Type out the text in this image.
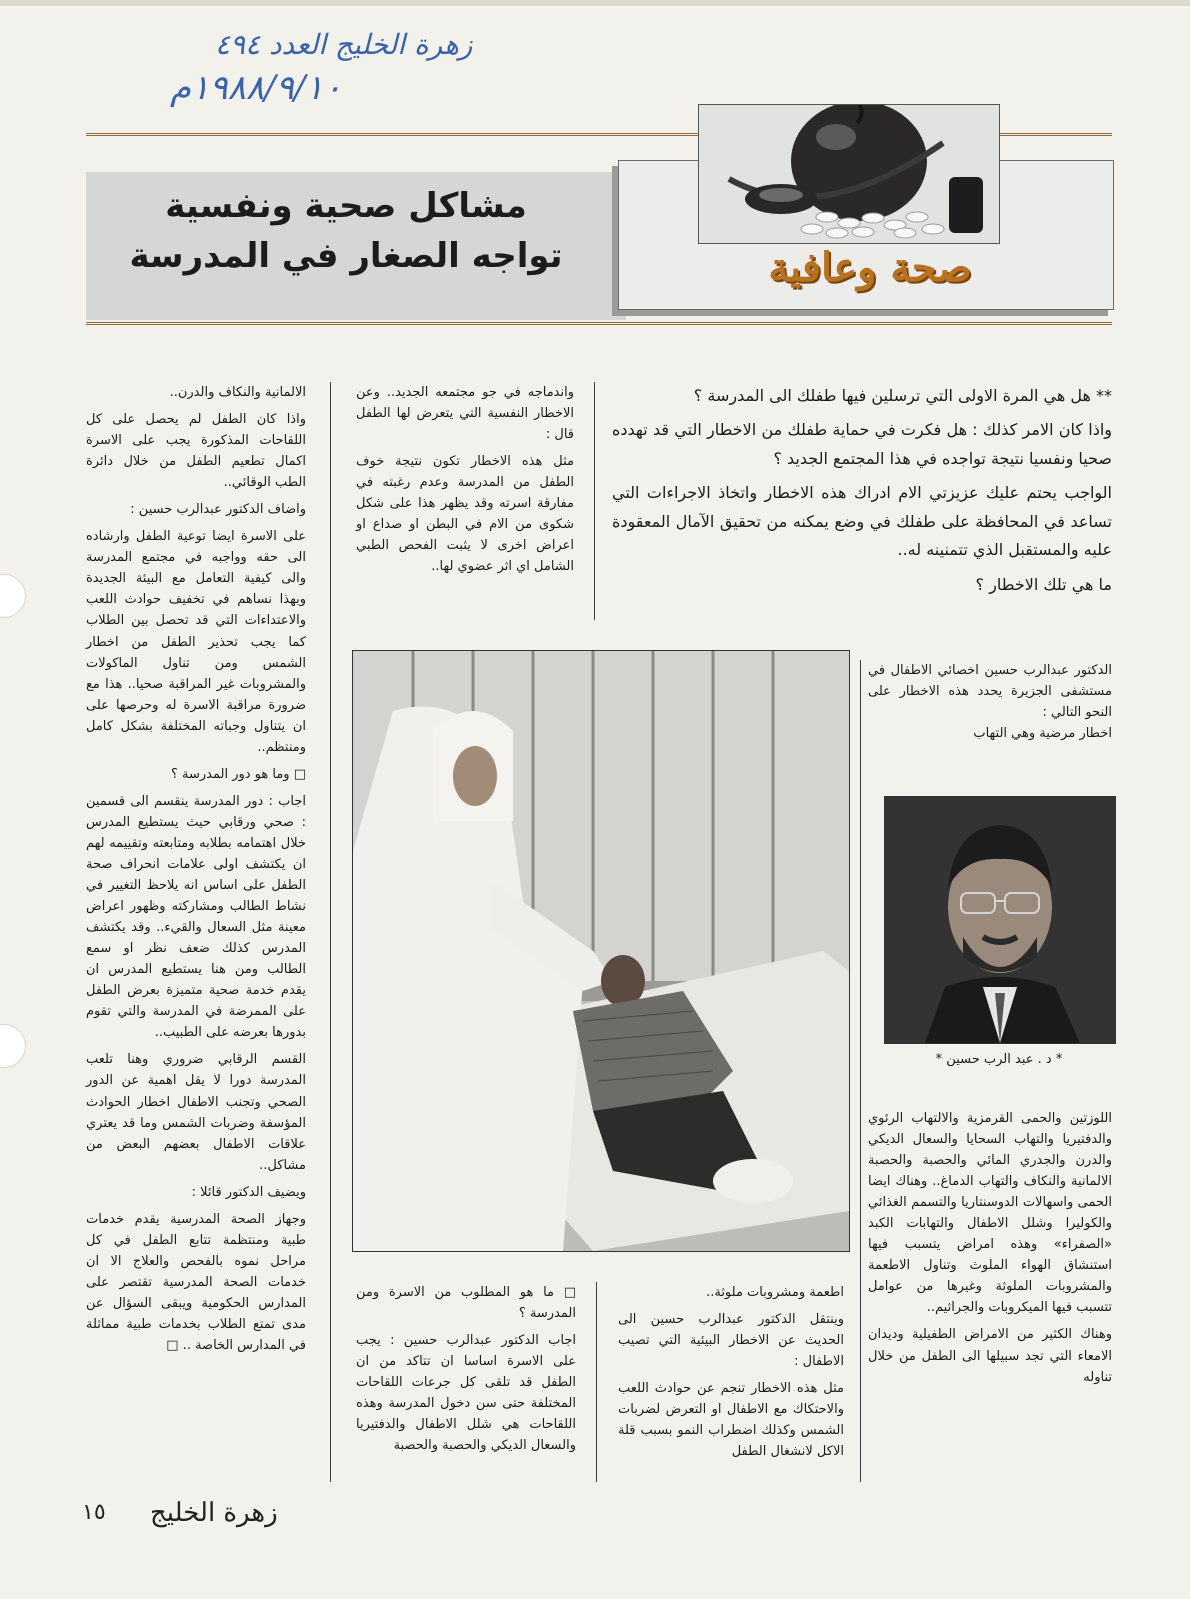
زهرة الخليج العدد ٤٩٤
١٩٨٨/٩/١٠م
مشاكل صحية ونفسية
تواجه الصغار في المدرسة	صحة وعافية

** هل هي المرة الاولى التي ترسلين فيها طفلك الى المدرسة ؟

واذا كان الامر كذلك : هل فكرت في حماية طفلك من الاخطار التي قد تهدده صحيا ونفسيا نتيجة تواجده في هذا المجتمع الجديد ؟

الواجب يحتم عليك عزيزتي الام ادراك هذه الاخطار واتخاذ الاجراءات التي تساعد في المحافظة على طفلك في وضع يمكنه من تحقيق الآمال المعقودة عليه والمستقبل الذي تتمنينه له..

ما هي تلك الاخطار ؟

واندماجه في جو مجتمعه الجديد.. وعن الاخطار النفسية التي يتعرض لها الطفل قال :

مثل هذه الاخطار تكون نتيجة خوف الطفل من المدرسة وعدم رغبته في مفارقة اسرته وقد يظهر هذا على شكل شكوى من الام في البطن او صداع او اعراض اخرى لا يثبت الفحص الطبي الشامل اي اثر عضوي لها..

الالمانية والنكاف والدرن..

واذا كان الطفل لم يحصل على كل اللقاحات المذكورة يجب على الاسرة اكمال تطعيم الطفل من خلال دائرة الطب الوقائي..

واضاف الدكتور عبدالرب حسين :

على الاسرة ايضا توعية الطفل وارشاده الى حقه وواجبه في مجتمع المدرسة والى كيفية التعامل مع البيئة الجديدة وبهذا نساهم في تخفيف حوادث اللعب والاعتداءات التي قد تحصل بين الطلاب كما يجب تحذير الطفل من اخطار الشمس ومن تناول الماكولات والمشروبات غير المراقبة صحيا.. هذا مع ضرورة مراقبة الاسرة له وحرصها على ان يتناول وجباته المختلفة بشكل كامل ومنتظم..

□ وما هو دور المدرسة ؟

اجاب : دور المدرسة ينقسم الى قسمين : صحي ورقابي حيث يستطيع المدرس خلال اهتمامه بطلابه ومتابعته وتقييمه لهم ان يكتشف اولى علامات انحراف صحة الطفل على اساس انه يلاحظ التغيير في نشاط الطالب ومشاركته وظهور اعراض معينة مثل السعال والقيء.. وقد يكتشف المدرس كذلك ضعف نظر او سمع الطالب ومن هنا يستطيع المدرس ان يقدم خدمة صحية متميزة بعرض الطفل على الممرضة في المدرسة والتي تقوم بدورها بعرضه على الطبيب..

القسم الرقابي ضروري وهنا تلعب المدرسة دورا لا يقل اهمية عن الدور الصحي وتجنب الاطفال اخطار الحوادث المؤسفة وضربات الشمس وما قد يعتري علاقات الاطفال بعضهم البعض من مشاكل..

ويضيف الدكتور قائلا :

وجهاز الصحة المدرسية يقدم خدمات طبية ومنتظمة تتابع الطفل في كل مراحل نموه بالفحص والعلاج الا ان خدمات الصحة المدرسية تقتصر على المدارس الحكومية ويبقى السؤال عن مدى تمتع الطلاب بخدمات طبية مماثلة في المدارس الخاصة .. □

الدكتور عبدالرب حسين اخصائي الاطفال في مستشفى الجزيرة يحدد هذه الاخطار على النحو التالي :
اخطار مرضية وهي التهاب

* د . عبد الرب حسين *

اللوزتين والحمى القرمزية والالتهاب الرئوي والدفتيريا والتهاب السحايا والسعال الديكي والدرن والجدري المائي والحصبة والحصبة الالمانية والنكاف والتهاب الدماغ.. وهناك ايضا الحمى واسهالات الدوسنتاريا والتسمم الغذائي والكوليرا وشلل الاطفال والتهابات الكبد «الصفراء» وهذه امراض يتسبب فيها استنشاق الهواء الملوث وتناول الاطعمة والمشروبات الملوثة وغيرها من عوامل تتسبب فيها الميكروبات والجراثيم..

وهناك الكثير من الامراض الطفيلية وديدان الامعاء التي تجد سبيلها الى الطفل من خلال تناوله

اطعمة ومشروبات ملوثة..

وينتقل الدكتور عبدالرب حسين الى الحديث عن الاخطار البيئية التي تصيب الاطفال :

مثل هذه الاخطار تنجم عن حوادث اللعب والاحتكاك مع الاطفال او التعرض لضربات الشمس وكذلك اضطراب النمو بسبب قلة الاكل لانشغال الطفل

□ ما هو المطلوب من الاسرة ومن المدرسة ؟

اجاب الدكتور عبدالرب حسين : يجب على الاسرة اساسا ان تتاكد من ان الطفل قد تلقى كل جرعات اللقاحات المختلفة حتى سن دخول المدرسة وهذه اللقاحات هي شلل الاطفال والدفتيريا والسعال الديكي والحصبة والحصبة

زهرة الخليج
١٥
